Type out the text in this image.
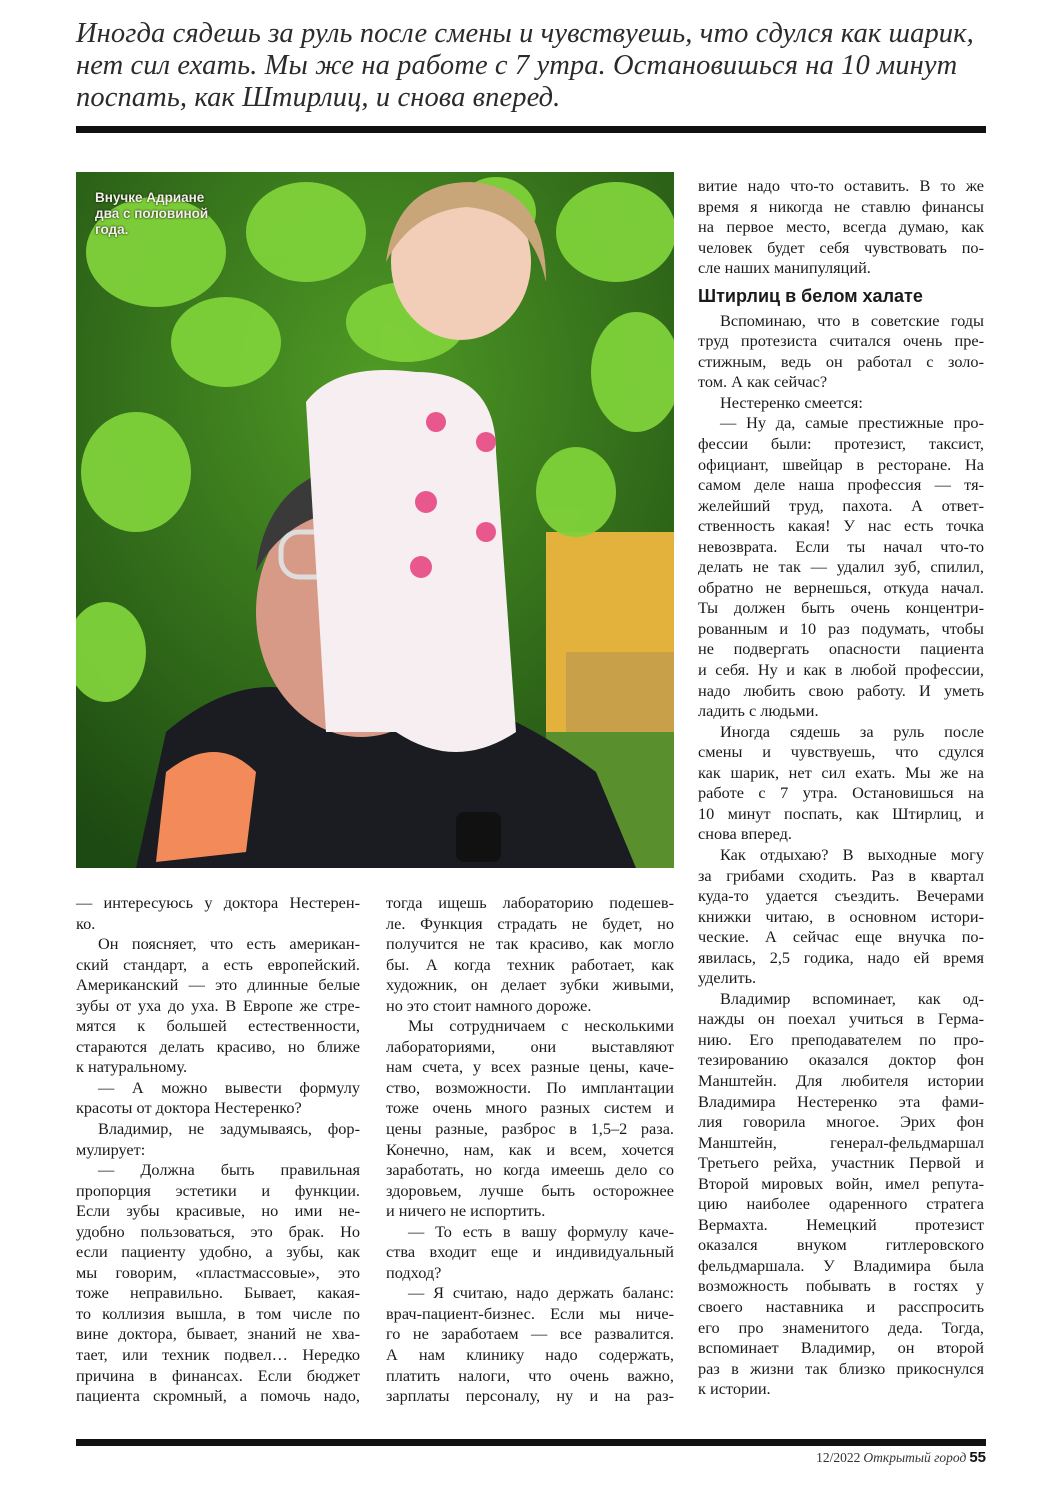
Иногда сядешь за руль после смены и чувствуешь, что сдулся как шарик,
нет сил ехать. Мы же на работе с 7 утра. Остановишься на 10 минут
поспать, как Штирлиц, и снова вперед.
Внучке Адриане
два с половиной
года.
витие надо что-то оставить. В то же
время я никогда не ставлю финансы
на первое место, всегда думаю, как
человек будет себя чувствовать по-
сле наших манипуляций.
Штирлиц в белом халате
Вспоминаю, что в советские годы
труд протезиста считался очень пре-
стижным, ведь он работал с золо-
том. А как сейчас?
Нестеренко смеется:
— Ну да, самые престижные про-
фессии были: протезист, таксист,
официант, швейцар в ресторане. На
самом деле наша профессия — тя-
желейший труд, пахота. А ответ-
ственность какая! У нас есть точка
невозврата. Если ты начал что-то
делать не так — удалил зуб, спилил,
обратно не вернешься, откуда начал.
Ты должен быть очень концентри-
рованным и 10 раз подумать, чтобы
не подвергать опасности пациента
и себя. Ну и как в любой профессии,
надо любить свою работу. И уметь
ладить с людьми.
Иногда сядешь за руль после
смены и чувствуешь, что сдулся
как шарик, нет сил ехать. Мы же на
работе с 7 утра. Остановишься на
10 минут поспать, как Штирлиц, и
снова вперед.
Как отдыхаю? В выходные могу
за грибами сходить. Раз в квартал
куда-то удается съездить. Вечерами
книжки читаю, в основном истори-
ческие. А сейчас еще внучка по-
явилась, 2,5 годика, надо ей время
уделить.
Владимир вспоминает, как од-
нажды он поехал учиться в Герма-
нию. Его преподавателем по про-
тезированию оказался доктор фон
Манштейн. Для любителя истории
Владимира Нестеренко эта фами-
лия говорила многое. Эрих фон
Манштейн, генерал-фельдмаршал
Третьего рейха, участник Первой и
Второй мировых войн, имел репута-
цию наиболее одаренного стратега
Вермахта. Немецкий протезист
оказался внуком гитлеровского
фельдмаршала. У Владимира была
возможность побывать в гостях у
своего наставника и расспросить
его про знаменитого деда. Тогда,
вспоминает Владимир, он второй
раз в жизни так близко прикоснулся
к истории.
— интересуюсь у доктора Нестерен-
ко.
Он поясняет, что есть американ-
ский стандарт, а есть европейский.
Американский — это длинные белые
зубы от уха до уха. В Европе же стре-
мятся к большей естественности,
стараются делать красиво, но ближе
к натуральному.
— А можно вывести формулу
красоты от доктора Нестеренко?
Владимир, не задумываясь, фор-
мулирует:
— Должна быть правильная
пропорция эстетики и функции.
Если зубы красивые, но ими не-
удобно пользоваться, это брак. Но
если пациенту удобно, а зубы, как
мы говорим, «пластмассовые», это
тоже неправильно. Бывает, какая-
то коллизия вышла, в том числе по
вине доктора, бывает, знаний не хва-
тает, или техник подвел… Нередко
причина в финансах. Если бюджет
пациента скромный, а помочь надо,
тогда ищешь лабораторию подешев-
ле. Функция страдать не будет, но
получится не так красиво, как могло
бы. А когда техник работает, как
художник, он делает зубки живыми,
но это стоит намного дороже.
Мы сотрудничаем с несколькими
лабораториями, они выставляют
нам счета, у всех разные цены, каче-
ство, возможности. По имплантации
тоже очень много разных систем и
цены разные, разброс в 1,5–2 раза.
Конечно, нам, как и всем, хочется
заработать, но когда имеешь дело со
здоровьем, лучше быть осторожнее
и ничего не испортить.
— То есть в вашу формулу каче-
ства входит еще и индивидуальный
подход?
— Я считаю, надо держать баланс:
врач-пациент-бизнес. Если мы ниче-
го не заработаем — все развалится.
А нам клинику надо содержать,
платить налоги, что очень важно,
зарплаты персоналу, ну и на раз-
12/2022 Открытый город 55
